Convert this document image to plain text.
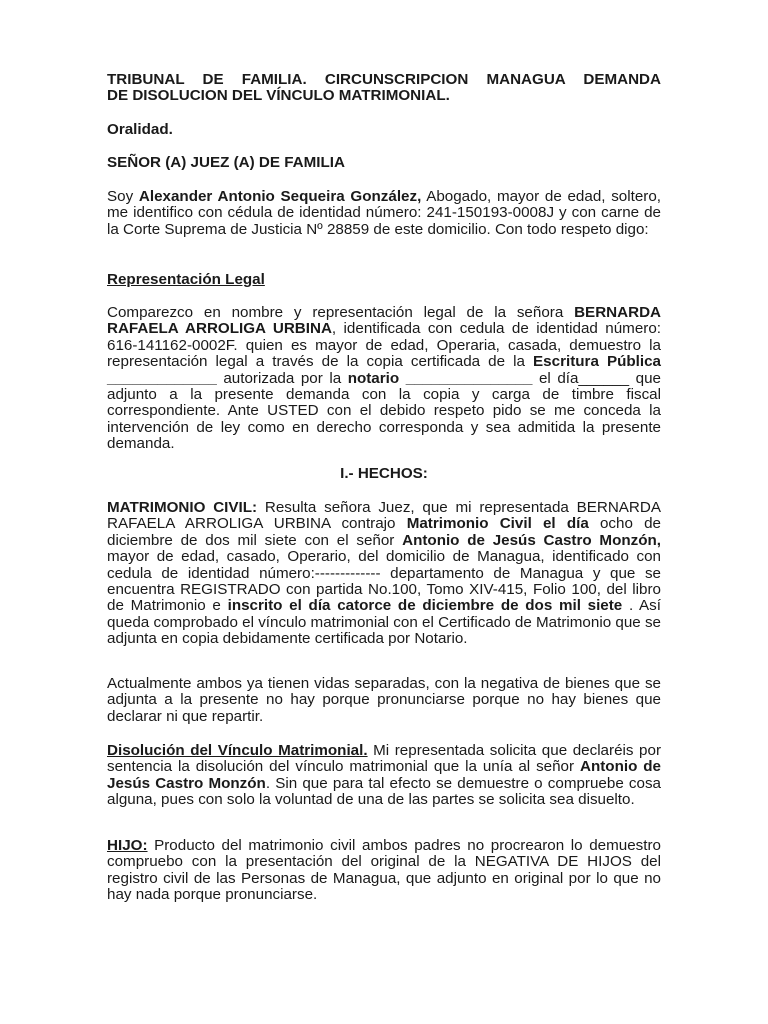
TRIBUNAL DE FAMILIA. CIRCUNSCRIPCION MANAGUA DEMANDA
DE DISOLUCION DEL VÍNCULO MATRIMONIAL.

Oralidad.

SEÑOR (A) JUEZ (A) DE FAMILIA

Soy Alexander Antonio Sequeira González, Abogado, mayor de edad, soltero, me identifico con cédula de identidad número: 241-150193-0008J y con carne de la Corte Suprema de Justicia Nº 28859 de este domicilio. Con todo respeto digo:

Representación Legal

Comparezco en nombre y representación legal de la señora BERNARDA RAFAELA ARROLIGA URBINA, identificada con cedula de identidad número: 616-141162-0002F. quien es mayor de edad, Operaria, casada, demuestro la representación legal a través de la copia certificada de la Escritura Pública _____________ autorizada por la notario _______________ el día______ que adjunto a la presente demanda con la copia y carga de timbre fiscal correspondiente. Ante USTED con el debido respeto pido se me conceda la intervención de ley como en derecho corresponda y sea admitida la presente demanda.

I.- HECHOS:

MATRIMONIO CIVIL: Resulta señora Juez, que mi representada BERNARDA RAFAELA ARROLIGA URBINA contrajo Matrimonio Civil el día ocho de diciembre de dos mil siete con el señor Antonio de Jesús Castro Monzón, mayor de edad, casado, Operario, del domicilio de Managua, identificado con cedula de identidad número:------------- departamento de Managua y que se encuentra REGISTRADO con partida No.100, Tomo XIV-415, Folio 100, del libro de Matrimonio e inscrito el día catorce de diciembre de dos mil siete . Así queda comprobado el vínculo matrimonial con el Certificado de Matrimonio que se adjunta en copia debidamente certificada por Notario.

Actualmente ambos ya tienen vidas separadas, con la negativa de bienes que se adjunta a la presente no hay porque pronunciarse porque no hay bienes que declarar ni que repartir.

Disolución del Vínculo Matrimonial. Mi representada solicita que declaréis por sentencia la disolución del vínculo matrimonial que la unía al señor Antonio de Jesús Castro Monzón. Sin que para tal efecto se demuestre o compruebe cosa alguna, pues con solo la voluntad de una de las partes se solicita sea disuelto.

HIJO: Producto del matrimonio civil ambos padres no procrearon lo demuestro compruebo con la presentación del original de la NEGATIVA DE HIJOS del registro civil de las Personas de Managua, que adjunto en original por lo que no hay nada porque pronunciarse.
